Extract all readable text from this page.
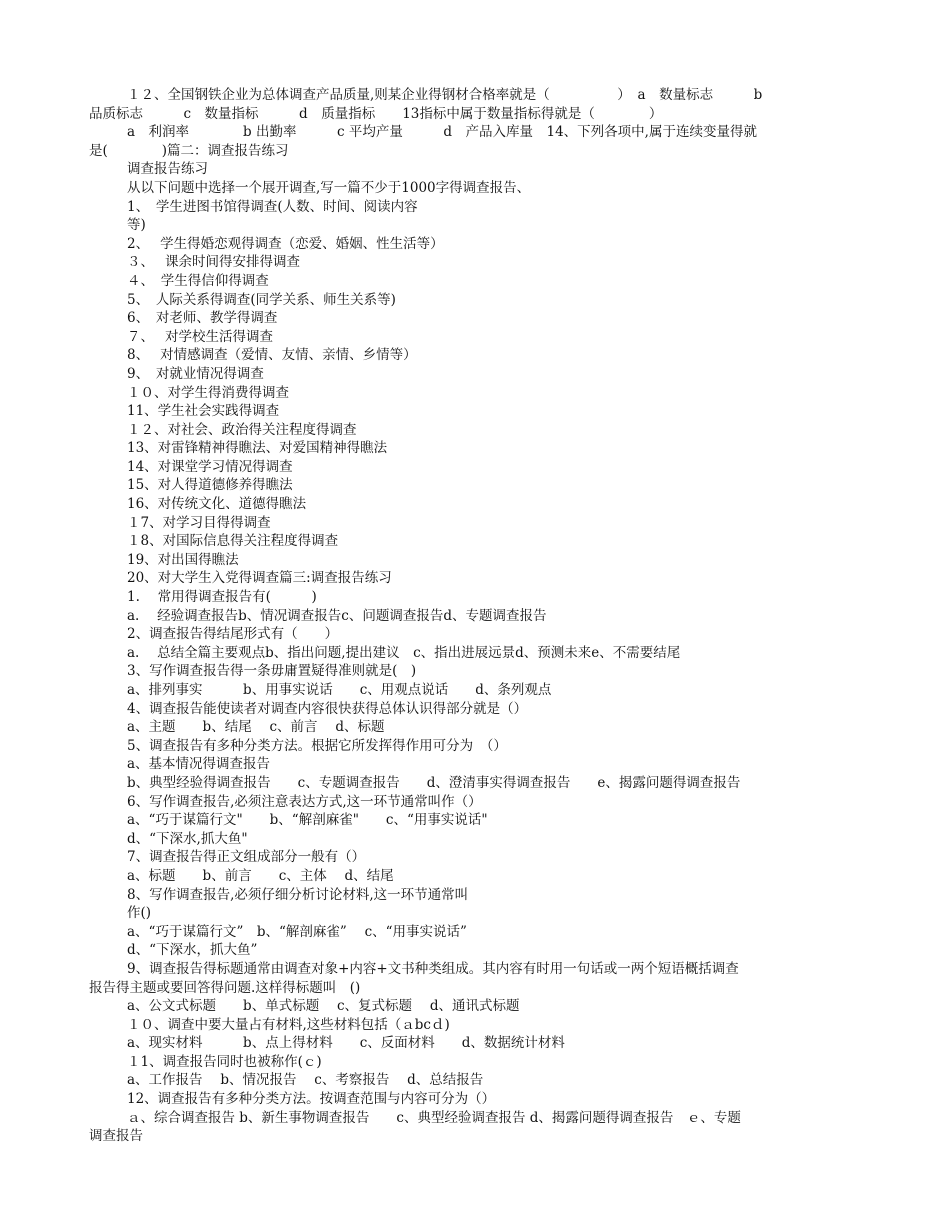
１２、全国钢铁企业为总体调查产品质量,则某企业得钢材合格率就是（　　　　　）　a　数量标志　　　b
品质标志　　　c　数量指标　　　d　质量指标　　13指标中属于数量指标得就是（　　　　）
a　利润率　　　　b 出勤率　　　c 平均产量　　　d　产品入库量　14、下列各项中,属于连续变量得就
是(　　　　)篇二：调查报告练习
调查报告练习
从以下问题中选择一个展开调查,写一篇不少于1000字得调查报告、
1、　学生进图书馆得调查(人数、时间、阅读内容
等)
2、　 学生得婚恋观得调查（恋爱、婚姻、性生活等）
３、　 课余时间得安排得调查
４、　学生得信仰得调查
5、　人际关系得调查(同学关系、师生关系等)
6、　对老师、教学得调查
７、　 对学校生活得调查
8、　 对情感调查（爱情、友情、亲情、乡情等）
9、　对就业情况得调查
１０、对学生得消费得调查
11、学生社会实践得调查
１２、对社会、政治得关注程度得调查
13、对雷锋精神得瞧法、对爱国精神得瞧法
14、对课堂学习情况得调查
15、对人得道德修养得瞧法
16、对传统文化、道德得瞧法
１7、对学习目得得调查
１8、对国际信息得关注程度得调查
19、对出国得瞧法
20、对大学生入党得调查篇三:调查报告练习
1.　 常用得调查报告有(　　　)
a.　 经验调查报告b、情况调查报告c、问题调查报告d、专题调查报告
2、调查报告得结尾形式有（　　）
a.　 总结全篇主要观点b、指出问题,提出建议　c、指出进展远景d、预测未来e、不需要结尾
3、写作调查报告得一条毋庸置疑得准则就是(　)
a、排列事实　　　b、用事实说话　　c、用观点说话　　d、条列观点
4、调查报告能使读者对调查内容很快获得总体认识得部分就是（）
a、主题　　b、结尾　 c、前言　 d、标题
5、调查报告有多种分类方法。根据它所发挥得作用可分为　（）
a、基本情况得调查报告
b、典型经验得调查报告　　c、专题调查报告　　d、澄清事实得调查报告　　e、揭露问题得调查报告
6、写作调查报告,必须注意表达方式,这一环节通常叫作（）
a、“巧于谋篇行文"　　b、“解剖麻雀"　　c、“用事实说话"
d、“下深水,抓大鱼"
7、调查报告得正文组成部分一般有（）
a、标题　　b、前言　　c、主体　 d、结尾
8、写作调查报告,必须仔细分析讨论材料,这一环节通常叫
作()
a、“巧于谋篇行文”　b、“解剖麻雀”　 c、“用事实说话”
d、“下深水，抓大鱼”
9、调查报告得标题通常由调查对象+内容+文书种类组成。其内容有时用一句话或一两个短语概括调查
报告得主题或要回答得问题.这样得标题叫　()
a、公文式标题　　b、单式标题　 c、复式标题　 d、通讯式标题
１０、调查中要大量占有材料,这些材料包括（ａbcｄ)
a、现实材料　　　b、点上得材料　　c、反面材料　　d、数据统计材料
１1、调查报告同时也被称作(ｃ)
a、工作报告　 b、情况报告　 c、考察报告　 d、总结报告
12、调查报告有多种分类方法。按调查范围与内容可分为（）
ａ、综合调查报告 b、新生事物调查报告　　c、典型经验调查报告 d、揭露问题得调查报告　ｅ、专题
调查报告
